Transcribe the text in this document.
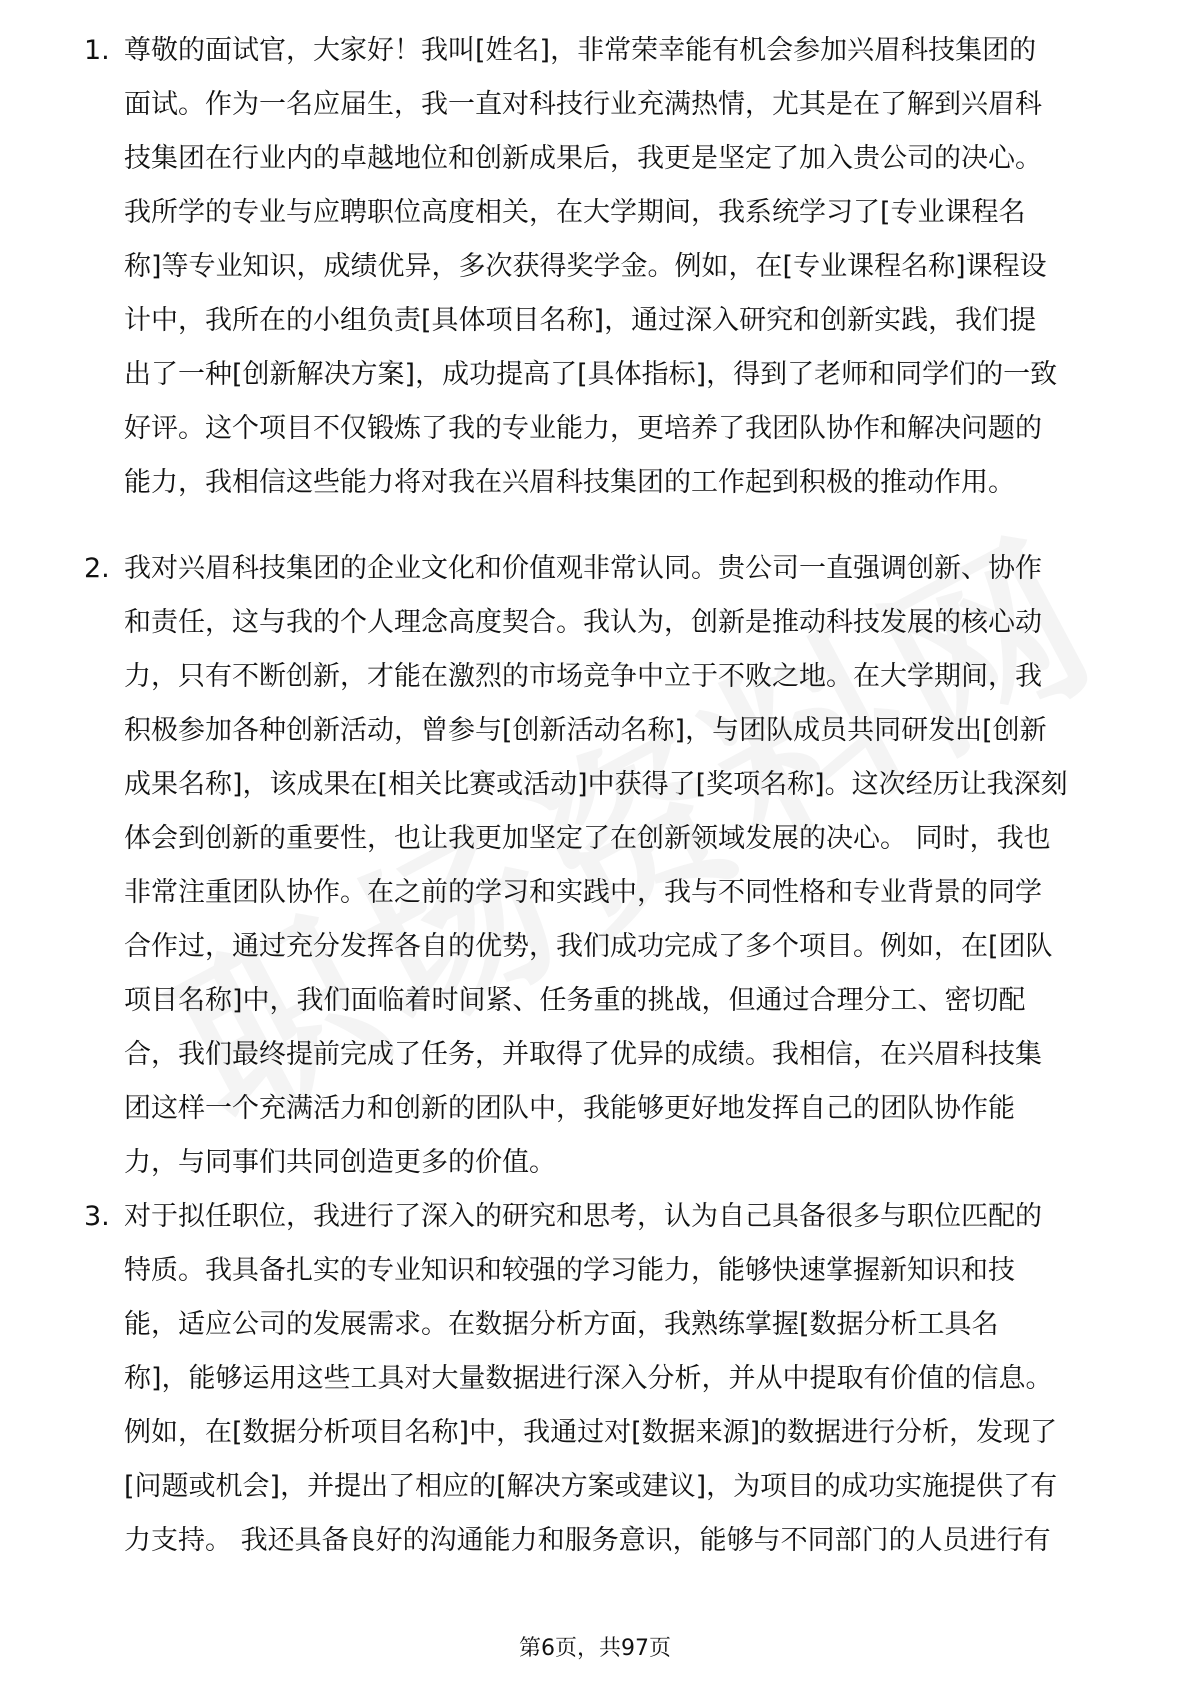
1. 尊敬的面试官，大家好！我叫[姓名]，非常荣幸能有机会参加兴眉科技集团的
面试。作为一名应届生，我一直对科技行业充满热情，尤其是在了解到兴眉科
技集团在行业内的卓越地位和创新成果后，我更是坚定了加入贵公司的决心。
我所学的专业与应聘职位高度相关，在大学期间，我系统学习了[专业课程名
称]等专业知识，成绩优异，多次获得奖学金。例如，在[专业课程名称]课程设
计中，我所在的小组负责[具体项目名称]，通过深入研究和创新实践，我们提
出了一种[创新解决方案]，成功提高了[具体指标]，得到了老师和同学们的一致
好评。这个项目不仅锻炼了我的专业能力，更培养了我团队协作和解决问题的
能力，我相信这些能力将对我在兴眉科技集团的工作起到积极的推动作用。
2. 我对兴眉科技集团的企业文化和价值观非常认同。贵公司一直强调创新、协作
和责任，这与我的个人理念高度契合。我认为，创新是推动科技发展的核心动
力，只有不断创新，才能在激烈的市场竞争中立于不败之地。在大学期间，我
积极参加各种创新活动，曾参与[创新活动名称]，与团队成员共同研发出[创新
成果名称]，该成果在[相关比赛或活动]中获得了[奖项名称]。这次经历让我深刻
体会到创新的重要性，也让我更加坚定了在创新领域发展的决心。 同时，我也
非常注重团队协作。在之前的学习和实践中，我与不同性格和专业背景的同学
合作过，通过充分发挥各自的优势，我们成功完成了多个项目。例如，在[团队
项目名称]中，我们面临着时间紧、任务重的挑战，但通过合理分工、密切配
合，我们最终提前完成了任务，并取得了优异的成绩。我相信，在兴眉科技集
团这样一个充满活力和创新的团队中，我能够更好地发挥自己的团队协作能
力，与同事们共同创造更多的价值。
3. 对于拟任职位，我进行了深入的研究和思考，认为自己具备很多与职位匹配的
特质。我具备扎实的专业知识和较强的学习能力，能够快速掌握新知识和技
能，适应公司的发展需求。在数据分析方面，我熟练掌握[数据分析工具名
称]，能够运用这些工具对大量数据进行深入分析，并从中提取有价值的信息。
例如，在[数据分析项目名称]中，我通过对[数据来源]的数据进行分析，发现了
[问题或机会]，并提出了相应的[解决方案或建议]，为项目的成功实施提供了有
力支持。 我还具备良好的沟通能力和服务意识，能够与不同部门的人员进行有
第6页，共97页
